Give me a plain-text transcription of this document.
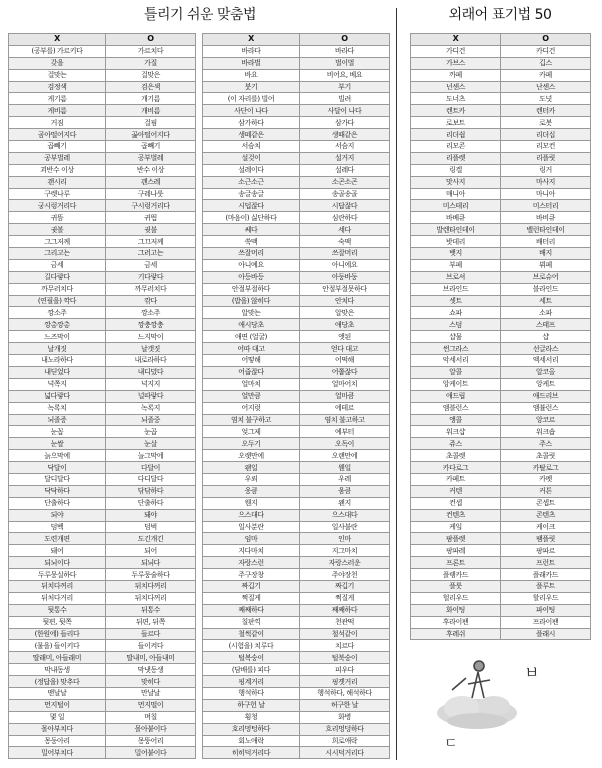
틀리기 쉬운 맞춤법	외래어 표기법 50
X	O
(공부를) 가르키다	가르치다
갖을	가질
걸맞는	걸맞은
검정색	검은색
게기름	개기름
게비름	개비름
거짐	걸핌
곰아떨어지다	곯아떨어지다
곱빼기	곱빼기
공부벌레	공부벌레
괴반수 이상	반수 이상
괜시리	괜스레
구렛나루	구레나룻
궁시렁거리다	구시렁거리다
귀뜸	귀띔
귓볼	귓불
그그저께	그끄저께
그리고는	그러고는
금세	금세
길다랗다	기다랗다
까무러치다	까무러치다
(연필을) 깍다	깎다
깡소주	깡소주
깡총깡총	깡충깡충
느즈막이	느지막이
날개짓	날갯짓
내노라하다	내로라하다
내딛었다	내디뎠다
넉쪽지	넉지지
넓다랗다	널따랗다
녹록치	녹록지
뇌졸증	뇌졸중
눈꼽	눈곱
눈쌀	눈살
늙으막에	늘그막에
닥달이	다달이
달디달다	다디달다
닥닥하다	닦닦하다
단출하다	단출하다
되야	돼야
덤벡	덤벅
도련개편	도긴개긴
돼어	되어
되뇌이다	되뇌다
두루뭉실하다	두루뭉술하다
뒤치다꺼리	뒤치다꺼리
뒤처다거리	뒤치다꺼리
뒷통수	뒤통수
뒷편, 뒷쪽	뒤편, 뒤쪽
(한원에) 들리다	들르다
(물을) 들이키다	들이켜다
딸래미, 아들래미	딸내미, 아들내미
막내동생	막냇동생
(정답을) 맞추다	맞히다
맨날날	만날날
먼지털이	먼지떨이
몇 일	며칠
몰아부치다	몰아붙이다
몽둥아리	몽뚱어리
밀어부치다	밀어붙이다
X	O
바라다	바라다
바라벌	벌이벌
바요	비어요, 베요
붓기	부기
(이 자리를) 빌어	빌려
사단이 나다	사달이 나다
삼가하다	삼가다
생떼같은	생때같은
서슴치	서슴지
설겆이	설거지
설레이다	설레다
소근소근	소곤소곤
송글송글	송골송골
시덥잖다	시답잖다
(마음이) 싫단하다	심란하다
쎄다	세다
쑥맥	숙맥
쓰잘머리	쓰잘머리
아니예요	아니에요
아등바등	아둥바둥
안절부절하다	안절부절못하다
(밥을) 않히다	안치다
알맞는	알맞은
애시당초	애당초
애띤 (얼굴)	앳된
어따 대고	얻다 대고
어떻해	어떡해
어줍잖다	어쭙잖다
얼마치	얼마어치
얼만큼	얼마큼
어지럿	에테르
염치 불구하고	염치 불고하고
엊그제	예부터
오두기	오독이
오랫만에	오랜만에
왠일	웬일
우뢰	우레
웅큼	움큼
웬지	왠지
으스대다	으스대다
일사분란	일사불란
임마	인마
지다마치	지그마치
자랑스런	자랑스러운
주구장창	주야장천
짜깁기	짜깁기
쩍질게	쩍질게
째째하다	째째하다
칠판끽	천관떡
철썩같이	철석같이
(시험을) 치루다	치르다
털복숭이	털북숭이
(담배를) 피다	피우다
핑계거리	핑곗거리
행석하다	행석하다, 해석하다
하구헌 날	허구한 날
횡청	화병
호리멍텅하다	흐리멍덩하다
회노애락	희로애락
히히덕거리다	시시덕거리다
X	O
가디건	카디건
가브스	깁스
까페	카페
넌센스	난센스
도너츠	도넛
렌트카	렌터카
로보트	로봇
리더쉽	리더십
리모콘	리모컨
리플렛	리플릿
링겔	링거
맛사지	마사지
매니아	마니아
미스테리	미스터리
바베큐	바비큐
발렌타인데이	밸런타인데이
밧데리	배터리
뱃지	배지
부페	뷔페
브로셔	브로슈어
브라인드	블라인드
셋트	세트
쇼파	소파
스덤	스태프
샵물	샵
썬그라스	선글라스
악세서리	액세서리
알콜	알코올
앙케이트	앙케트
애드립	애드리브
앰블런스	앰뷸런스
앵콜	앙코르
워크샵	워크숍
쥬스	주스
초콜렛	초콜릿
카다로그	카탈로그
카페트	카펫
커텐	커튼
컨셉	콘셉트
컨텐츠	콘텐츠
케잌	케이크
팜플렛	팸플릿
팡파레	팡파르
프론트	프런트
플랭카드	플래카드
플룻	플루트
헐리우드	할리우드
화이팅	파이팅
후라이팬	프라이팬
후레쉬	플래시
ㅂ
ㄷ
